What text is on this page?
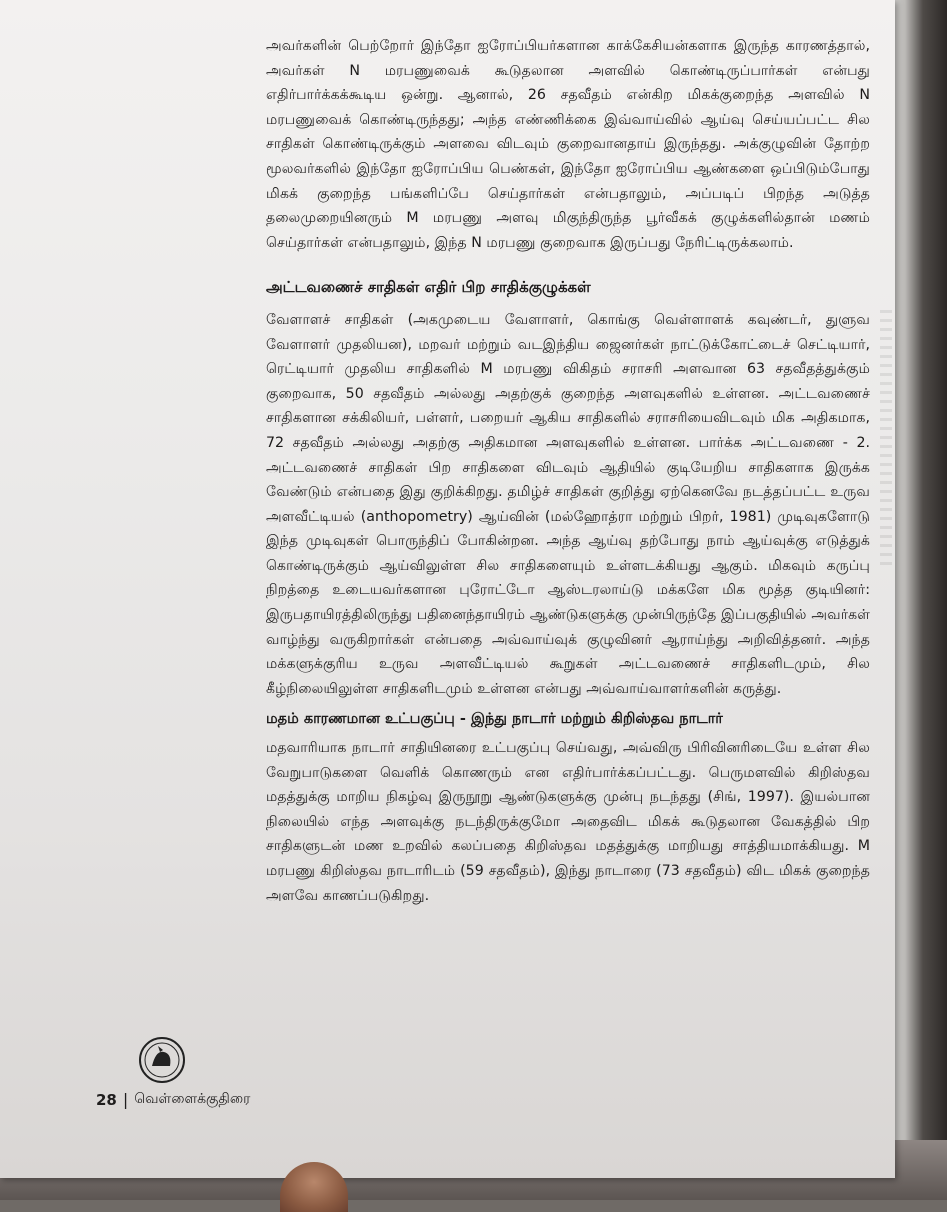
அவர்களின் பெற்றோர் இந்தோ ஐரோப்பியர்களான காக்கேசியன்களாக இருந்த காரணத்தால், அவர்கள் N மரபணுவைக் கூடுதலான அளவில் கொண்டிருப்பார்கள் என்பது எதிர்பார்க்கக்கூடிய ஒன்று. ஆனால், 26 சதவீதம் என்கிற மிகக்குறைந்த அளவில் N மரபணுவைக் கொண்டிருந்தது; அந்த எண்ணிக்கை இவ்வாய்வில் ஆய்வு செய்யப்பட்ட சில சாதிகள் கொண்டிருக்கும் அளவை விடவும் குறைவானதாய் இருந்தது. அக்குழுவின் தோற்ற மூலவர்களில் இந்தோ ஐரோப்பிய பெண்கள், இந்தோ ஐரோப்பிய ஆண்களை ஒப்பிடும்போது மிகக் குறைந்த பங்களிப்பே செய்தார்கள் என்பதாலும், அப்படிப் பிறந்த அடுத்த தலைமுறையினரும் M மரபணு அளவு மிகுந்திருந்த பூர்வீகக் குழுக்களில்தான் மணம் செய்தார்கள் என்பதாலும், இந்த N மரபணு குறைவாக இருப்பது நேரிட்டிருக்கலாம்.

அட்டவணைச் சாதிகள் எதிர் பிற சாதிக்குழுக்கள்

வேளாளச் சாதிகள் (அகமுடைய வேளாளர், கொங்கு வெள்ளாளக் கவுண்டர், துளுவ வேளாளர் முதலியன), மறவர் மற்றும் வடஇந்திய ஜைனர்கள் நாட்டுக்கோட்டைச் செட்டியார், ரெட்டியார் முதலிய சாதிகளில் M மரபணு விகிதம் சராசரி அளவான 63 சதவீதத்துக்கும் குறைவாக, 50 சதவீதம் அல்லது அதற்குக் குறைந்த அளவுகளில் உள்ளன. அட்டவணைச் சாதிகளான சக்கிலியர், பள்ளர், பறையர் ஆகிய சாதிகளில் சராசரியைவிடவும் மிக அதிகமாக, 72 சதவீதம் அல்லது அதற்கு அதிகமான அளவுகளில் உள்ளன. பார்க்க அட்டவணை - 2. அட்டவணைச் சாதிகள் பிற சாதிகளை விடவும் ஆதியில் குடியேறிய சாதிகளாக இருக்க வேண்டும் என்பதை இது குறிக்கிறது. தமிழ்ச் சாதிகள் குறித்து ஏற்கெனவே நடத்தப்பட்ட உருவ அளவீட்டியல் (anthopometry) ஆய்வின் (மல்ஹோத்ரா மற்றும் பிறர், 1981) முடிவுகளோடு இந்த முடிவுகள் பொருந்திப் போகின்றன. அந்த ஆய்வு தற்போது நாம் ஆய்வுக்கு எடுத்துக் கொண்டிருக்கும் ஆய்விலுள்ள சில சாதிகளையும் உள்ளடக்கியது ஆகும். மிகவும் கருப்பு நிறத்தை உடையவர்களான புரோட்டோ ஆஸ்டரலாய்டு மக்களே மிக மூத்த குடியினர்: இருபதாயிரத்திலிருந்து பதினைந்தாயிரம் ஆண்டுகளுக்கு முன்பிருந்தே இப்பகுதியில் அவர்கள் வாழ்ந்து வருகிறார்கள் என்பதை அவ்வாய்வுக் குழுவினர் ஆராய்ந்து அறிவித்தனர். அந்த மக்களுக்குரிய உருவ அளவீட்டியல் கூறுகள் அட்டவணைச் சாதிகளிடமும், சில கீழ்நிலையிலுள்ள சாதிகளிடமும் உள்ளன என்பது அவ்வாய்வாளர்களின் கருத்து.

மதம் காரணமான உட்பகுப்பு - இந்து நாடார் மற்றும் கிறிஸ்தவ நாடார்

மதவாரியாக நாடார் சாதியினரை உட்பகுப்பு செய்வது, அவ்விரு பிரிவினரிடையே உள்ள சில வேறுபாடுகளை வெளிக் கொணரும் என எதிர்பார்க்கப்பட்டது. பெருமளவில் கிறிஸ்தவ மதத்துக்கு மாறிய நிகழ்வு இருநூறு ஆண்டுகளுக்கு முன்பு நடந்தது (சிங், 1997). இயல்பான நிலையில் எந்த அளவுக்கு நடந்திருக்குமோ அதைவிட மிகக் கூடுதலான வேகத்தில் பிற சாதிகளுடன் மண உறவில் கலப்பதை கிறிஸ்தவ மதத்துக்கு மாறியது சாத்தியமாக்கியது. M மரபணு கிறிஸ்தவ நாடாரிடம் (59 சதவீதம்), இந்து நாடாரை (73 சதவீதம்) விட மிகக் குறைந்த அளவே காணப்படுகிறது.

28 | வெள்ளைக்குதிரை
